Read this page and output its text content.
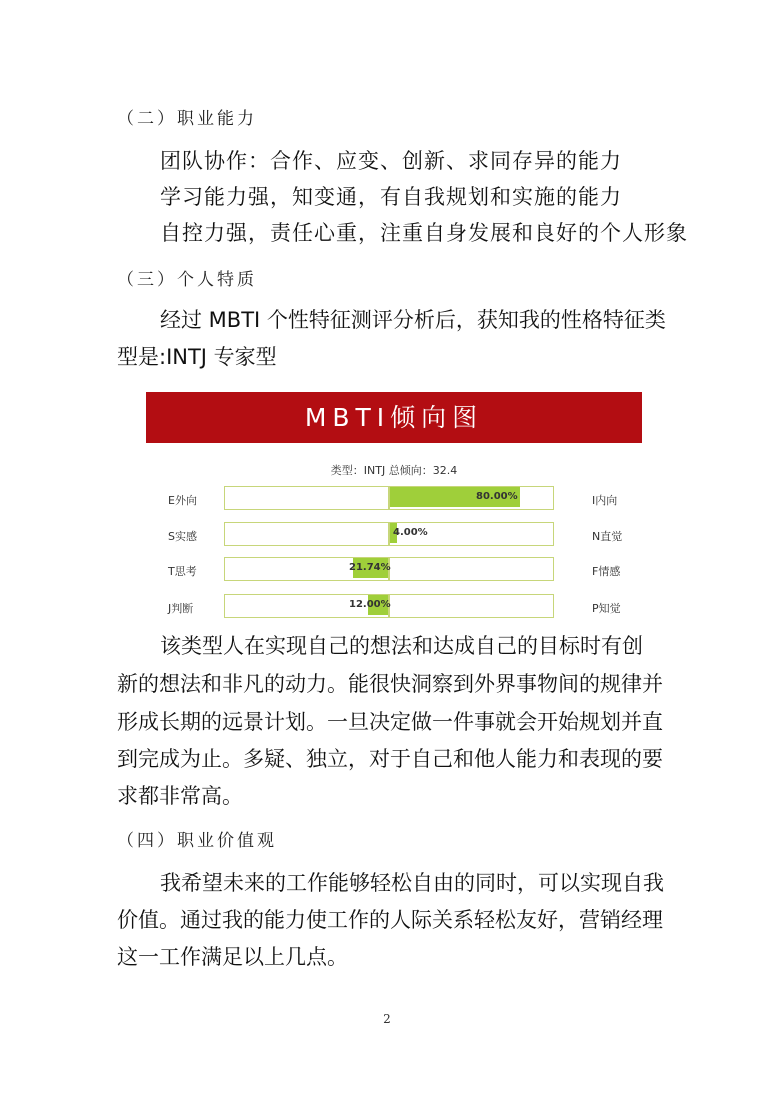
（二）职业能力
团队协作：合作、应变、创新、求同存异的能力
学习能力强，知变通，有自我规划和实施的能力
自控力强，责任心重，注重自身发展和良好的个人形象
（三）个人特质
经过 MBTI 个性特征测评分析后，获知我的性格特征类
型是:INTJ 专家型
MBTI倾向图
类型：INTJ 总倾向：32.4
E外向	80.00%	I内向
S实感	4.00%	N直觉
T思考	21.74%	F情感
J判断	12.00%	P知觉
该类型人在实现自己的想法和达成自己的目标时有创
新的想法和非凡的动力。能很快洞察到外界事物间的规律并
形成长期的远景计划。一旦决定做一件事就会开始规划并直
到完成为止。多疑、独立，对于自己和他人能力和表现的要
求都非常高。
（四）职业价值观
我希望未来的工作能够轻松自由的同时，可以实现自我
价值。通过我的能力使工作的人际关系轻松友好，营销经理
这一工作满足以上几点。
2
